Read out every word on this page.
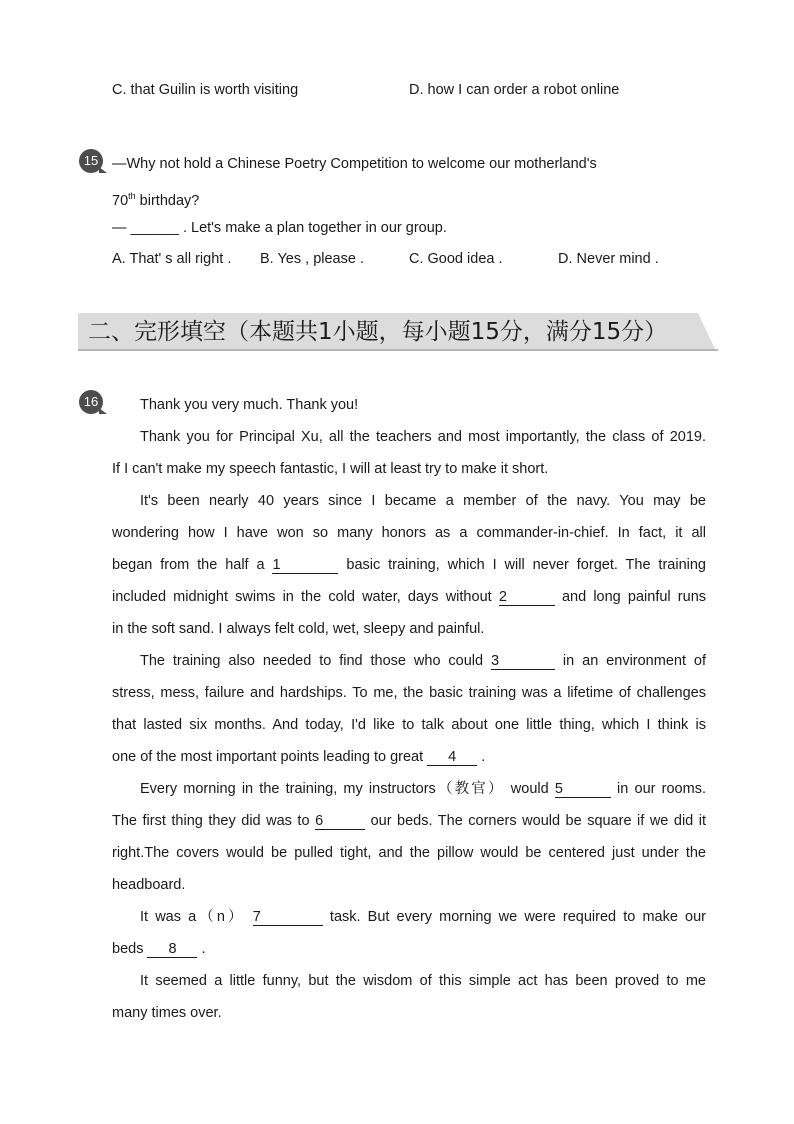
C. that Guilin is worth visiting	D. how I can order a robot online
15 —Why not hold a Chinese Poetry Competition to welcome our motherland's
70th birthday?
— ______ . Let's make a plan together in our group.
A. That' s all right . B. Yes , please .	C. Good idea .	D. Never mind .
二、完形填空（本题共1小题，每小题15分，满分15分）
16	Thank you very much. Thank you!
Thank you for Principal Xu, all the teachers and most importantly, the class of 2019.
If I can't make my speech fantastic, I will at least try to make it short.
It's been nearly 40 years since I became a member of the navy. You may be
wondering how I have won so many honors as a commander-in-chief. In fact, it all
began from the half a 1	basic training, which I will never forget. The training
included midnight swims in the cold water, days without 2	and long painful runs
in the soft sand. I always felt cold, wet, sleepy and painful.
The training also needed to find those who could 3	in an environment of
stress, mess, failure and hardships. To me, the basic training was a lifetime of challenges
that lasted six months. And today, I'd like to talk about one little thing, which I think is
one of the most important points leading to great 4 .
Every morning in the training, my instructors（教官） would 5	in our rooms.
The first thing they did was to 6	our beds. The corners would be square if we did it
right.The covers would be pulled tight, and the pillow would be centered just under the
headboard.
It was a（n） 7	task. But every morning we were required to make our
beds 8 .
It seemed a little funny, but the wisdom of this simple act has been proved to me
many times over.
